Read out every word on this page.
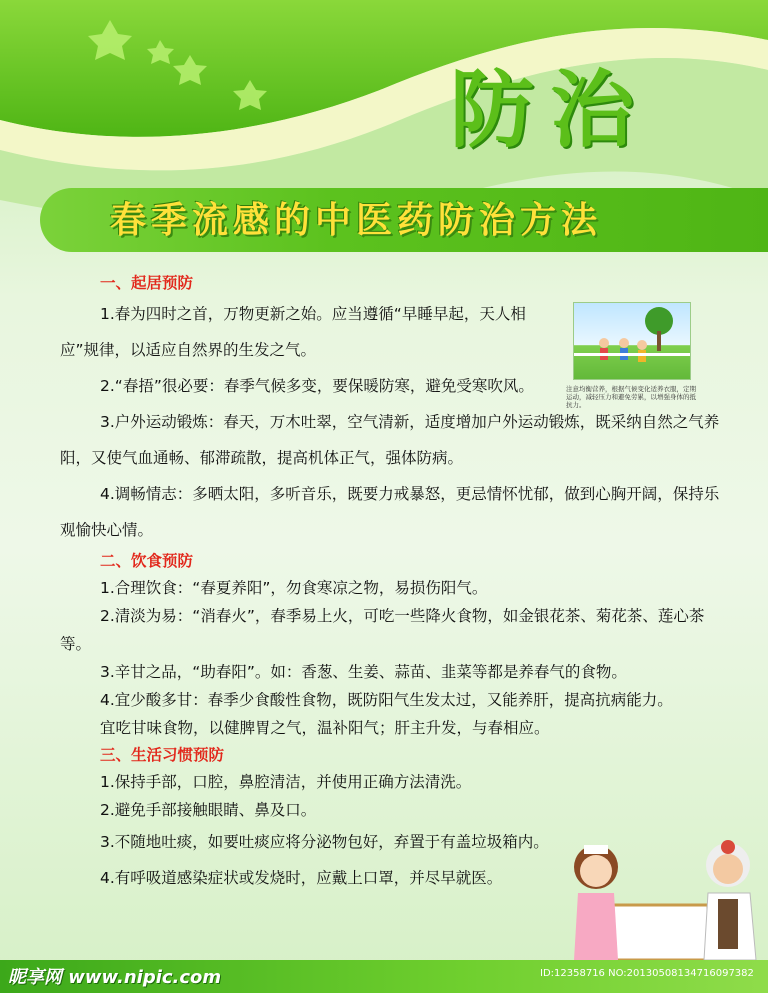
防 治
春季流感的中医药防治方法
注意均衡营养，根据气候变化适养衣服，定期运动，减轻压力和避免劳累，以增强身体的抵抗力。
一、起居预防
1.春为四时之首，万物更新之始。应当遵循“早睡早起，天人相应”规律，以适应自然界的生发之气。
2.“春捂”很必要：春季气候多变，要保暖防寒，避免受寒吹风。
3.户外运动锻炼：春天，万木吐翠，空气清新，适度增加户外运动锻炼，既采纳自然之气养阳，又使气血通畅、郁滞疏散，提高机体正气，强体防病。
4.调畅情志：多晒太阳，多听音乐，既要力戒暴怒，更忌情怀忧郁，做到心胸开阔，保持乐观愉快心情。
二、饮食预防
1.合理饮食：“春夏养阳”，勿食寒凉之物，易损伤阳气。
2.清淡为易：“消春火”，春季易上火，可吃一些降火食物，如金银花茶、菊花茶、莲心茶等。
3.辛甘之品，“助春阳”。如：香葱、生姜、蒜苗、韭菜等都是养春气的食物。
4.宜少酸多甘：春季少食酸性食物，既防阳气生发太过，又能养肝，提高抗病能力。
宜吃甘味食物，以健脾胃之气，温补阳气；肝主升发，与春相应。
三、生活习惯预防
1.保持手部，口腔，鼻腔清洁，并使用正确方法清洗。
2.避免手部接触眼睛、鼻及口。
3.不随地吐痰，如要吐痰应将分泌物包好，弃置于有盖垃圾箱内。
4.有呼吸道感染症状或发烧时，应戴上口罩，并尽早就医。
昵享网 www.nipic.com	ID:12358716 NO:20130508134716097382
